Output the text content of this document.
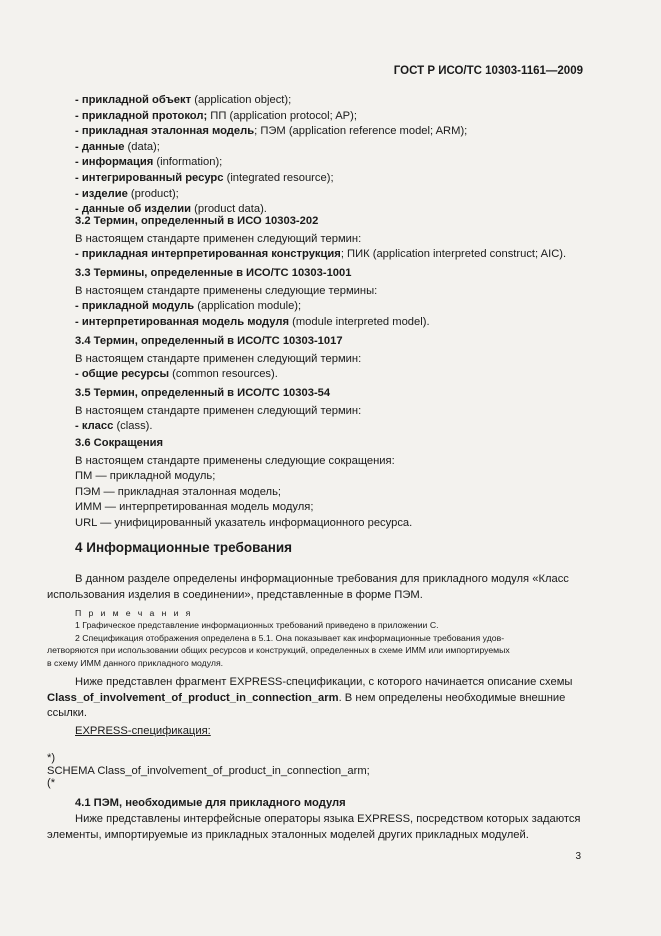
ГОСТ Р ИСО/ТС 10303-1161—2009
- прикладной объект (application object);
- прикладной протокол; ПП (application protocol; AP);
- прикладная эталонная модель; ПЭМ (application reference model; ARM);
- данные (data);
- информация (information);
- интегрированный ресурс (integrated resource);
- изделие (product);
- данные об изделии (product data).
3.2 Термин, определенный в ИСО 10303-202
В настоящем стандарте применен следующий термин:
- прикладная интерпретированная конструкция; ПИК (application interpreted construct; AIC).
3.3 Термины, определенные в ИСО/ТС 10303-1001
В настоящем стандарте применены следующие термины:
- прикладной модуль (application module);
- интерпретированная модель модуля (module interpreted model).
3.4 Термин, определенный в ИСО/ТС 10303-1017
В настоящем стандарте применен следующий термин:
- общие ресурсы (common resources).
3.5 Термин, определенный в ИСО/ТС 10303-54
В настоящем стандарте применен следующий термин:
- класс (class).
3.6 Сокращения
В настоящем стандарте применены следующие сокращения:
ПМ — прикладной модуль;
ПЭМ — прикладная эталонная модель;
ИММ — интерпретированная модель модуля;
URL — унифицированный указатель информационного ресурса.
4 Информационные требования
В данном разделе определены информационные требования для прикладного модуля «Класс
использования изделия в соединении», представленные в форме ПЭМ.
П р и м е ч а н и я
1 Графическое представление информационных требований приведено в приложении С.
2 Спецификация отображения определена в 5.1. Она показывает как информационные требования удов-
летворяются при использовании общих ресурсов и конструкций, определенных в схеме ИММ или импортируемых
в схему ИММ данного прикладного модуля.
Ниже представлен фрагмент EXPRESS-спецификации, с которого начинается описание схемы
Class_of_involvement_of_product_in_connection_arm. В нем определены необходимые внешние
ссылки.
EXPRESS-спецификация:
*)
SCHEMA Class_of_involvement_of_product_in_connection_arm;
(*
4.1 ПЭМ, необходимые для прикладного модуля
Ниже представлены интерфейсные операторы языка EXPRESS, посредством которых задаются
элементы, импортируемые из прикладных эталонных моделей других прикладных модулей.
3
